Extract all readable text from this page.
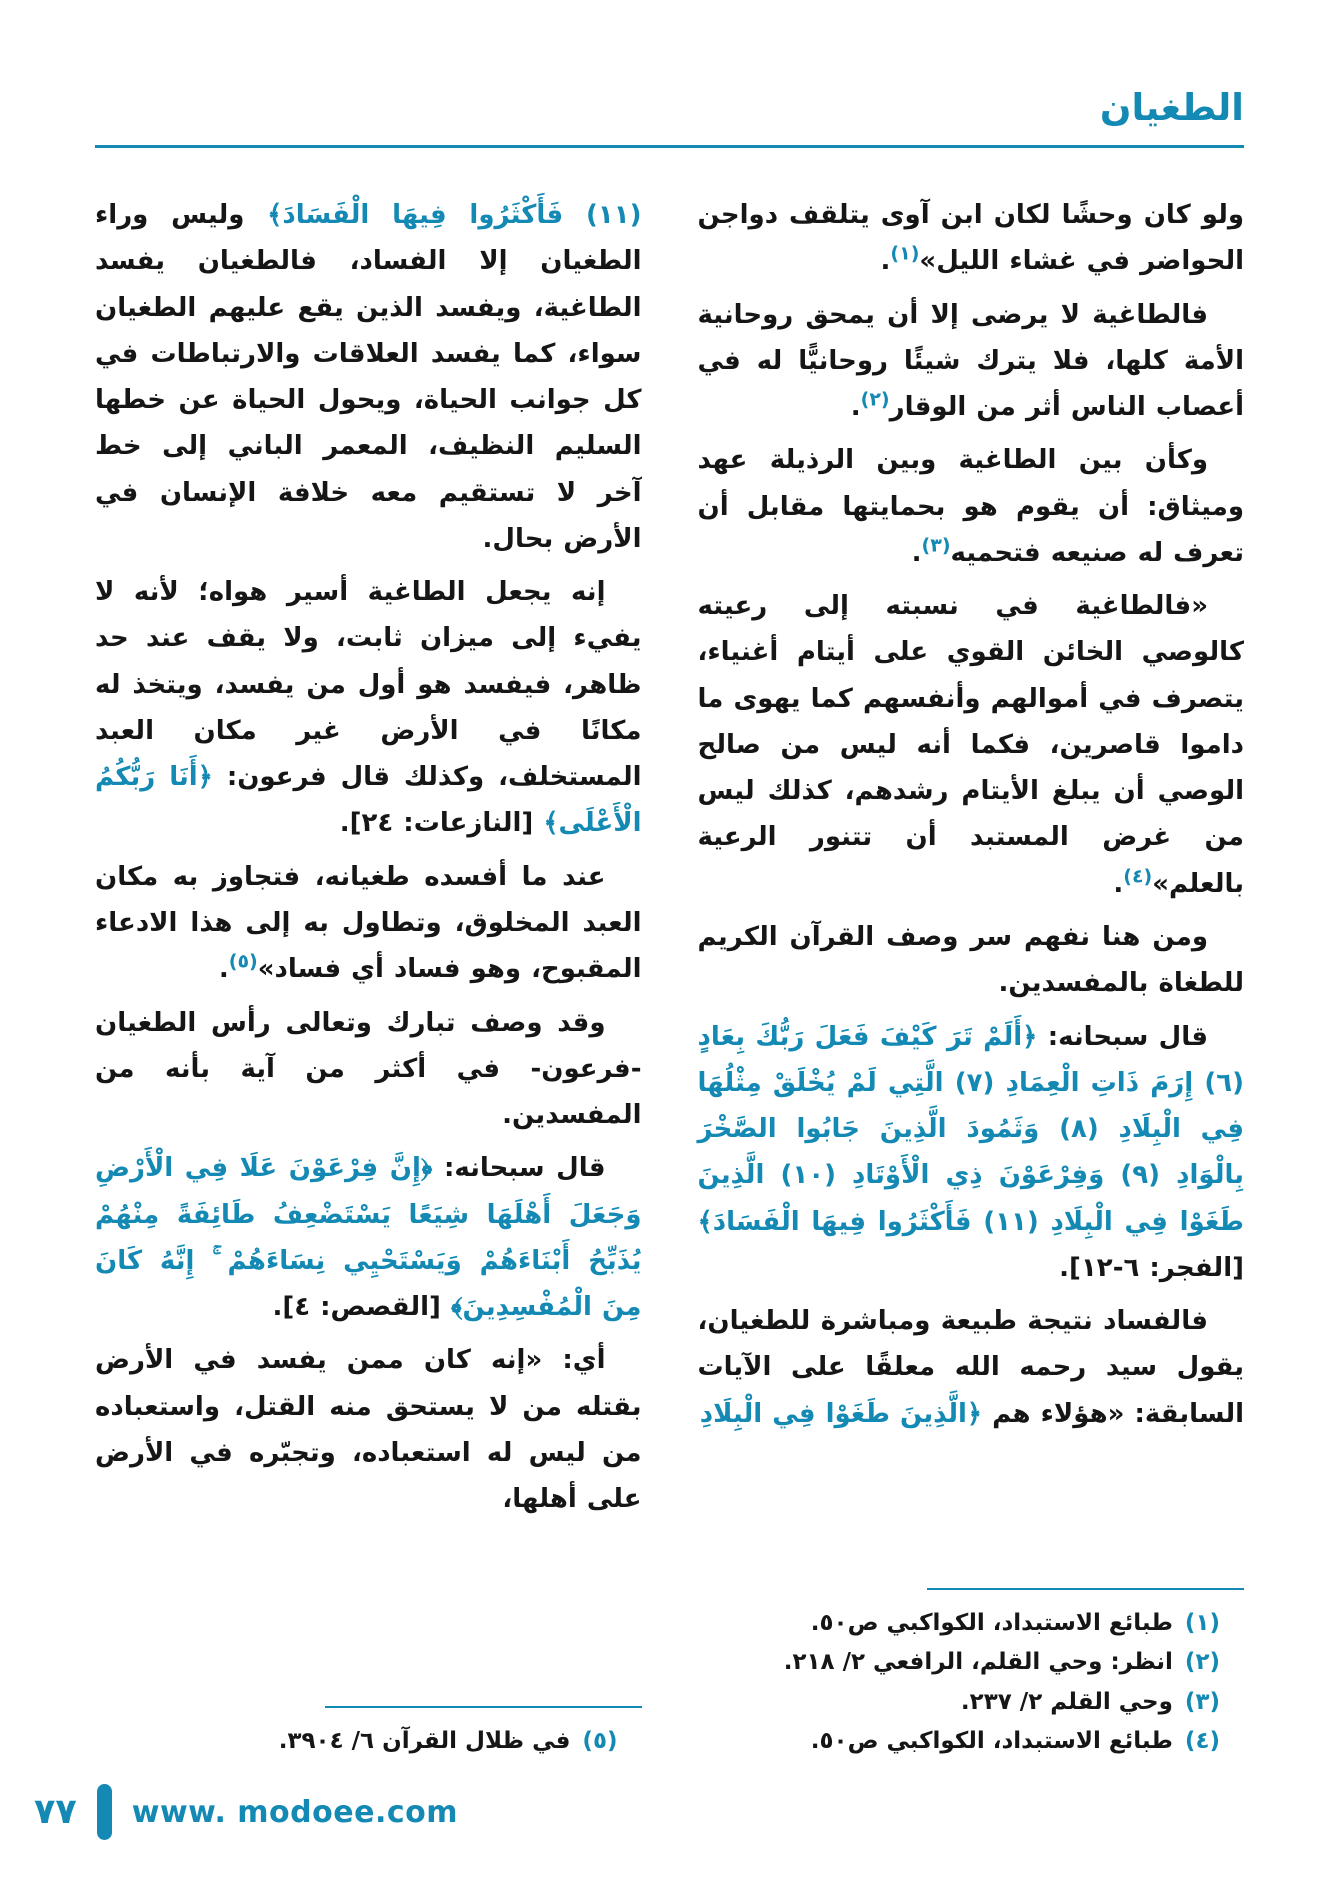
الطغيان

ولو كان وحشًا لكان ابن آوى يتلقف دواجن الحواضر في غشاء الليل»$^{(١)}$.

فالطاغية لا يرضى إلا أن يمحق روحانية الأمة كلها، فلا يترك شيئًا روحانيًّا له في أعصاب الناس أثر من الوقار$^{(٢)}$.

وكأن بين الطاغية وبين الرذيلة عهد وميثاق: أن يقوم هو بحمايتها مقابل أن تعرف له صنيعه فتحميه$^{(٣)}$.

«فالطاغية في نسبته إلى رعيته كالوصي الخائن القوي على أيتام أغنياء، يتصرف في أموالهم وأنفسهم كما يهوى ما داموا قاصرين، فكما أنه ليس من صالح الوصي أن يبلغ الأيتام رشدهم، كذلك ليس من غرض المستبد أن تتنور الرعية بالعلم»$^{(٤)}$.

ومن هنا نفهم سر وصف القرآن الكريم للطغاة بالمفسدين.

قال سبحانه: ﴿أَلَمْ تَرَ كَيْفَ فَعَلَ رَبُّكَ بِعَادٍ (٦) إِرَمَ ذَاتِ الْعِمَادِ (٧) الَّتِي لَمْ يُخْلَقْ مِثْلُهَا فِي الْبِلَادِ (٨) وَثَمُودَ الَّذِينَ جَابُوا الصَّخْرَ بِالْوَادِ (٩) وَفِرْعَوْنَ ذِي الْأَوْتَادِ (١٠) الَّذِينَ طَغَوْا فِي الْبِلَادِ (١١) فَأَكْثَرُوا فِيهَا الْفَسَادَ﴾ [الفجر: ٦-١٢].

فالفساد نتيجة طبيعة ومباشرة للطغيان، يقول سيد رحمه الله معلقًا على الآيات السابقة: «هؤلاء هم ﴿الَّذِينَ طَغَوْا فِي الْبِلَادِ

(١)
طبائع الاستبداد، الكواكبي ص٥٠.
(٢)
انظر: وحي القلم، الرافعي ٢/ ٢١٨.
(٣)
وحي القلم ٢/ ٢٣٧.
(٤)
طبائع الاستبداد، الكواكبي ص٥٠.

(١١) فَأَكْثَرُوا فِيهَا الْفَسَادَ﴾ وليس وراء الطغيان إلا الفساد، فالطغيان يفسد الطاغية، ويفسد الذين يقع عليهم الطغيان سواء، كما يفسد العلاقات والارتباطات في كل جوانب الحياة، ويحول الحياة عن خطها السليم النظيف، المعمر الباني إلى خط آخر لا تستقيم معه خلافة الإنسان في الأرض بحال.

إنه يجعل الطاغية أسير هواه؛ لأنه لا يفيء إلى ميزان ثابت، ولا يقف عند حد ظاهر، فيفسد هو أول من يفسد، ويتخذ له مكانًا في الأرض غير مكان العبد المستخلف، وكذلك قال فرعون: ﴿أَنَا رَبُّكُمُ الْأَعْلَى﴾ [النازعات: ٢٤].

عند ما أفسده طغيانه، فتجاوز به مكان العبد المخلوق، وتطاول به إلى هذا الادعاء المقبوح، وهو فساد أي فساد»$^{(٥)}$.

وقد وصف تبارك وتعالى رأس الطغيان -فرعون- في أكثر من آية بأنه من المفسدين.

قال سبحانه: ﴿إِنَّ فِرْعَوْنَ عَلَا فِي الْأَرْضِ وَجَعَلَ أَهْلَهَا شِيَعًا يَسْتَضْعِفُ طَائِفَةً مِنْهُمْ يُذَبِّحُ أَبْنَاءَهُمْ وَيَسْتَحْيِي نِسَاءَهُمْ ۚ إِنَّهُ كَانَ مِنَ الْمُفْسِدِينَ﴾ [القصص: ٤].

أي: «إنه كان ممن يفسد في الأرض بقتله من لا يستحق منه القتل، واستعباده من ليس له استعباده، وتجبّره في الأرض على أهلها،

(٥)
في ظلال القرآن ٦/ ٣٩٠٤.
٧٧ www. modoee.com
